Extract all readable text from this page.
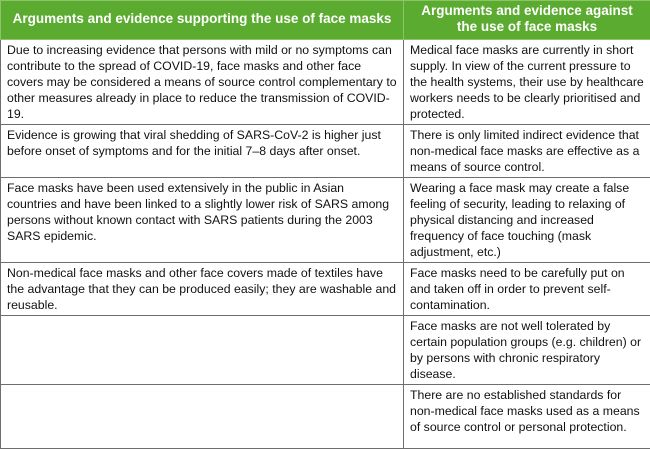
Arguments and evidence supporting the use of face masks	Arguments and evidence against the use of face masks
Due to increasing evidence that persons with mild or no symptoms can contribute to the spread of COVID-19, face masks and other face covers may be considered a means of source control complementary to other measures already in place to reduce the transmission of COVID-19.	Medical face masks are currently in short supply. In view of the current pressure to the health systems, their use by healthcare workers needs to be clearly prioritised and protected.
Evidence is growing that viral shedding of SARS-CoV-2 is higher just before onset of symptoms and for the initial 7–8 days after onset.	There is only limited indirect evidence that non-medical face masks are effective as a means of source control.
Face masks have been used extensively in the public in Asian countries and have been linked to a slightly lower risk of SARS among persons without known contact with SARS patients during the 2003 SARS epidemic.	Wearing a face mask may create a false feeling of security, leading to relaxing of physical distancing and increased frequency of face touching (mask adjustment, etc.)
Non-medical face masks and other face covers made of textiles have the advantage that they can be produced easily; they are washable and reusable.	Face masks need to be carefully put on and taken off in order to prevent self-contamination.
	Face masks are not well tolerated by certain population groups (e.g. children) or by persons with chronic respiratory disease.
	There are no established standards for non-medical face masks used as a means of source control or personal protection.
